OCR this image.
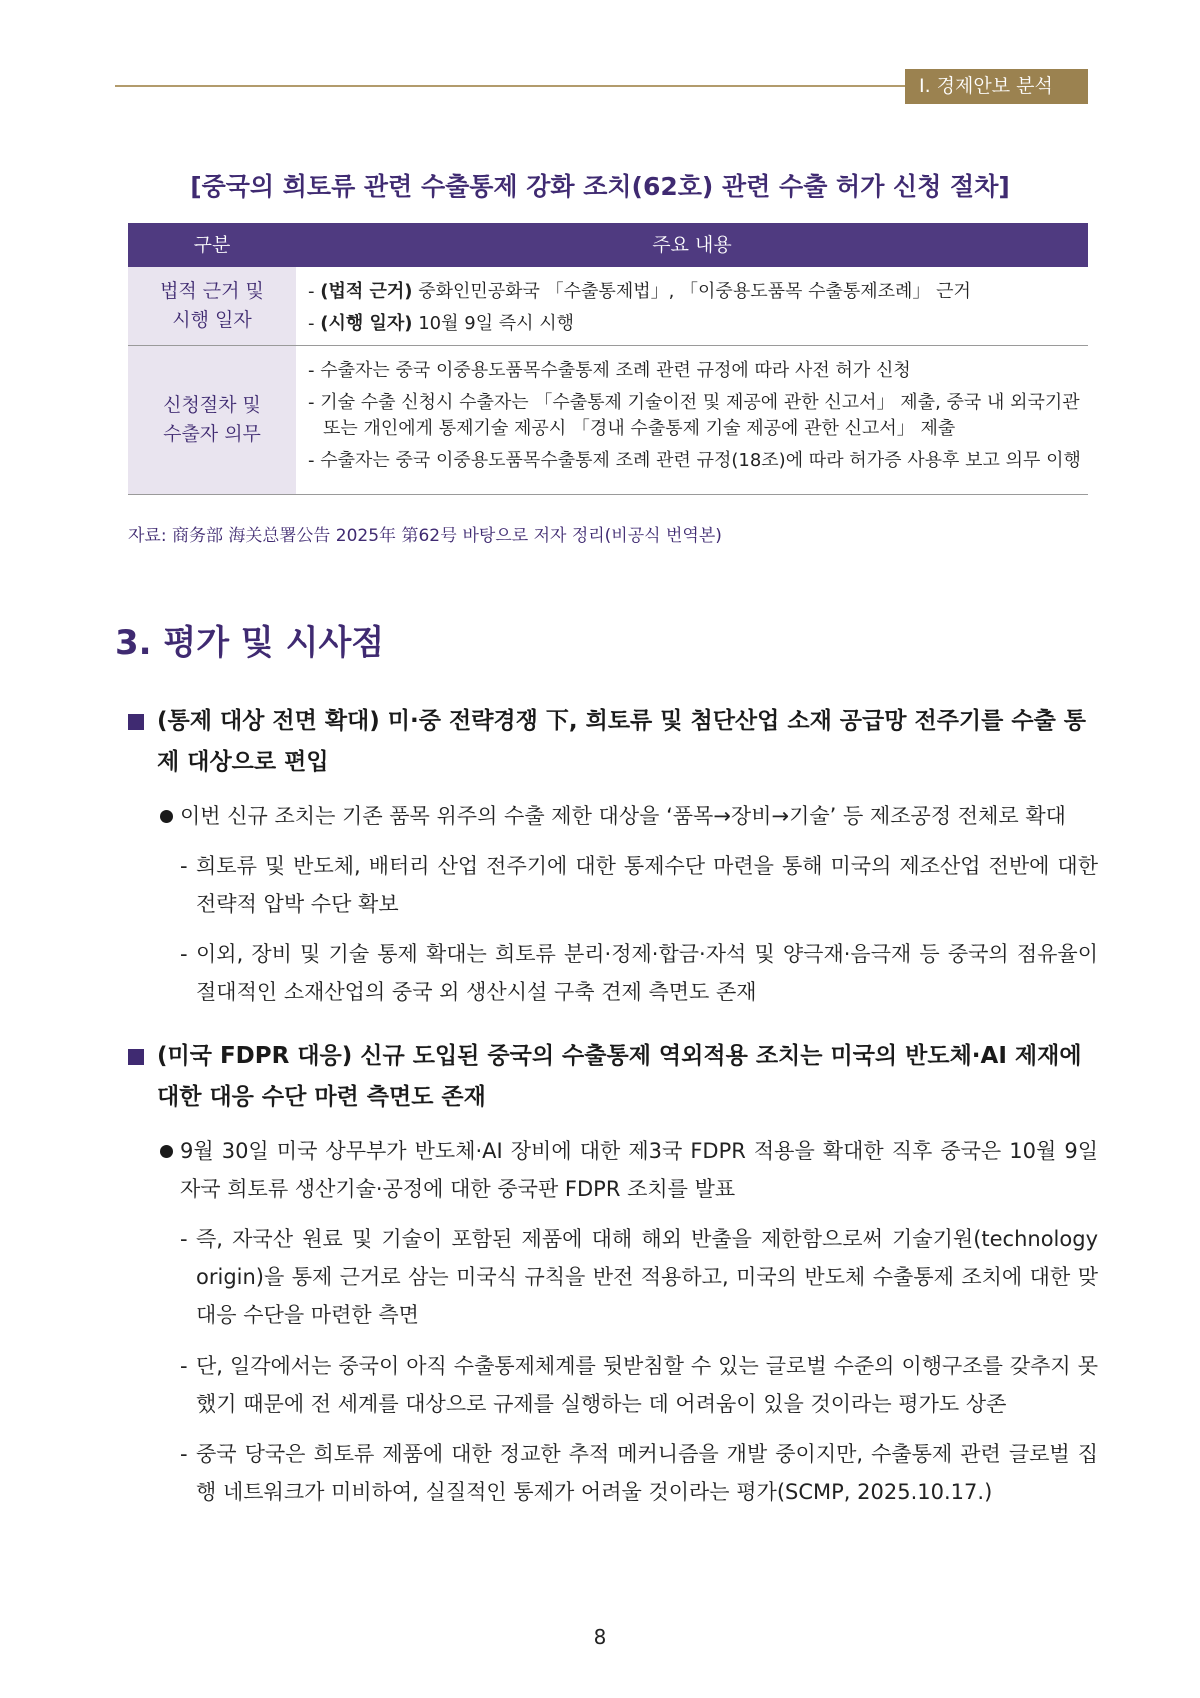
Ⅰ. 경제안보 분석
[중국의 희토류 관련 수출통제 강화 조치(62호) 관련 수출 허가 신청 절차]
구분	주요 내용
법적 근거 및
시행 일자
- (법적 근거) 중화인민공화국 「수출통제법」, 「이중용도품목 수출통제조례」 근거
- (시행 일자) 10월 9일 즉시 시행
신청절차 및
수출자 의무
- 수출자는 중국 이중용도품목수출통제 조례 관련 규정에 따라 사전 허가 신청
- 기술 수출 신청시 수출자는 「수출통제 기술이전 및 제공에 관한 신고서」 제출, 중국 내 외국기관 또는 개인에게 통제기술 제공시 「경내 수출통제 기술 제공에 관한 신고서」 제출
- 수출자는 중국 이중용도품목수출통제 조례 관련 규정(18조)에 따라 허가증 사용후 보고 의무 이행
자료: 商务部 海关总署公告 2025年 第62号 바탕으로 저자 정리(비공식 번역본)
3. 평가 및 시사점
(통제 대상 전면 확대) 미·중 전략경쟁 下, 희토류 및 첨단산업 소재 공급망 전주기를 수출 통제 대상으로 편입
이번 신규 조치는 기존 품목 위주의 수출 제한 대상을 ‘품목→장비→기술’ 등 제조공정 전체로 확대
- 희토류 및 반도체, 배터리 산업 전주기에 대한 통제수단 마련을 통해 미국의 제조산업 전반에 대한 전략적 압박 수단 확보
- 이외, 장비 및 기술 통제 확대는 희토류 분리·정제·합금·자석 및 양극재·음극재 등 중국의 점유율이 절대적인 소재산업의 중국 외 생산시설 구축 견제 측면도 존재
(미국 FDPR 대응) 신규 도입된 중국의 수출통제 역외적용 조치는 미국의 반도체·AI 제재에 대한 대응 수단 마련 측면도 존재
9월 30일 미국 상무부가 반도체·AI 장비에 대한 제3국 FDPR 적용을 확대한 직후 중국은 10월 9일 자국 희토류 생산기술·공정에 대한 중국판 FDPR 조치를 발표
- 즉, 자국산 원료 및 기술이 포함된 제품에 대해 해외 반출을 제한함으로써 기술기원(technology origin)을 통제 근거로 삼는 미국식 규칙을 반전 적용하고, 미국의 반도체 수출통제 조치에 대한 맞대응 수단을 마련한 측면
- 단, 일각에서는 중국이 아직 수출통제체계를 뒷받침할 수 있는 글로벌 수준의 이행구조를 갖추지 못했기 때문에 전 세계를 대상으로 규제를 실행하는 데 어려움이 있을 것이라는 평가도 상존
- 중국 당국은 희토류 제품에 대한 정교한 추적 메커니즘을 개발 중이지만, 수출통제 관련 글로벌 집행 네트워크가 미비하여, 실질적인 통제가 어려울 것이라는 평가(SCMP, 2025.10.17.)
8
